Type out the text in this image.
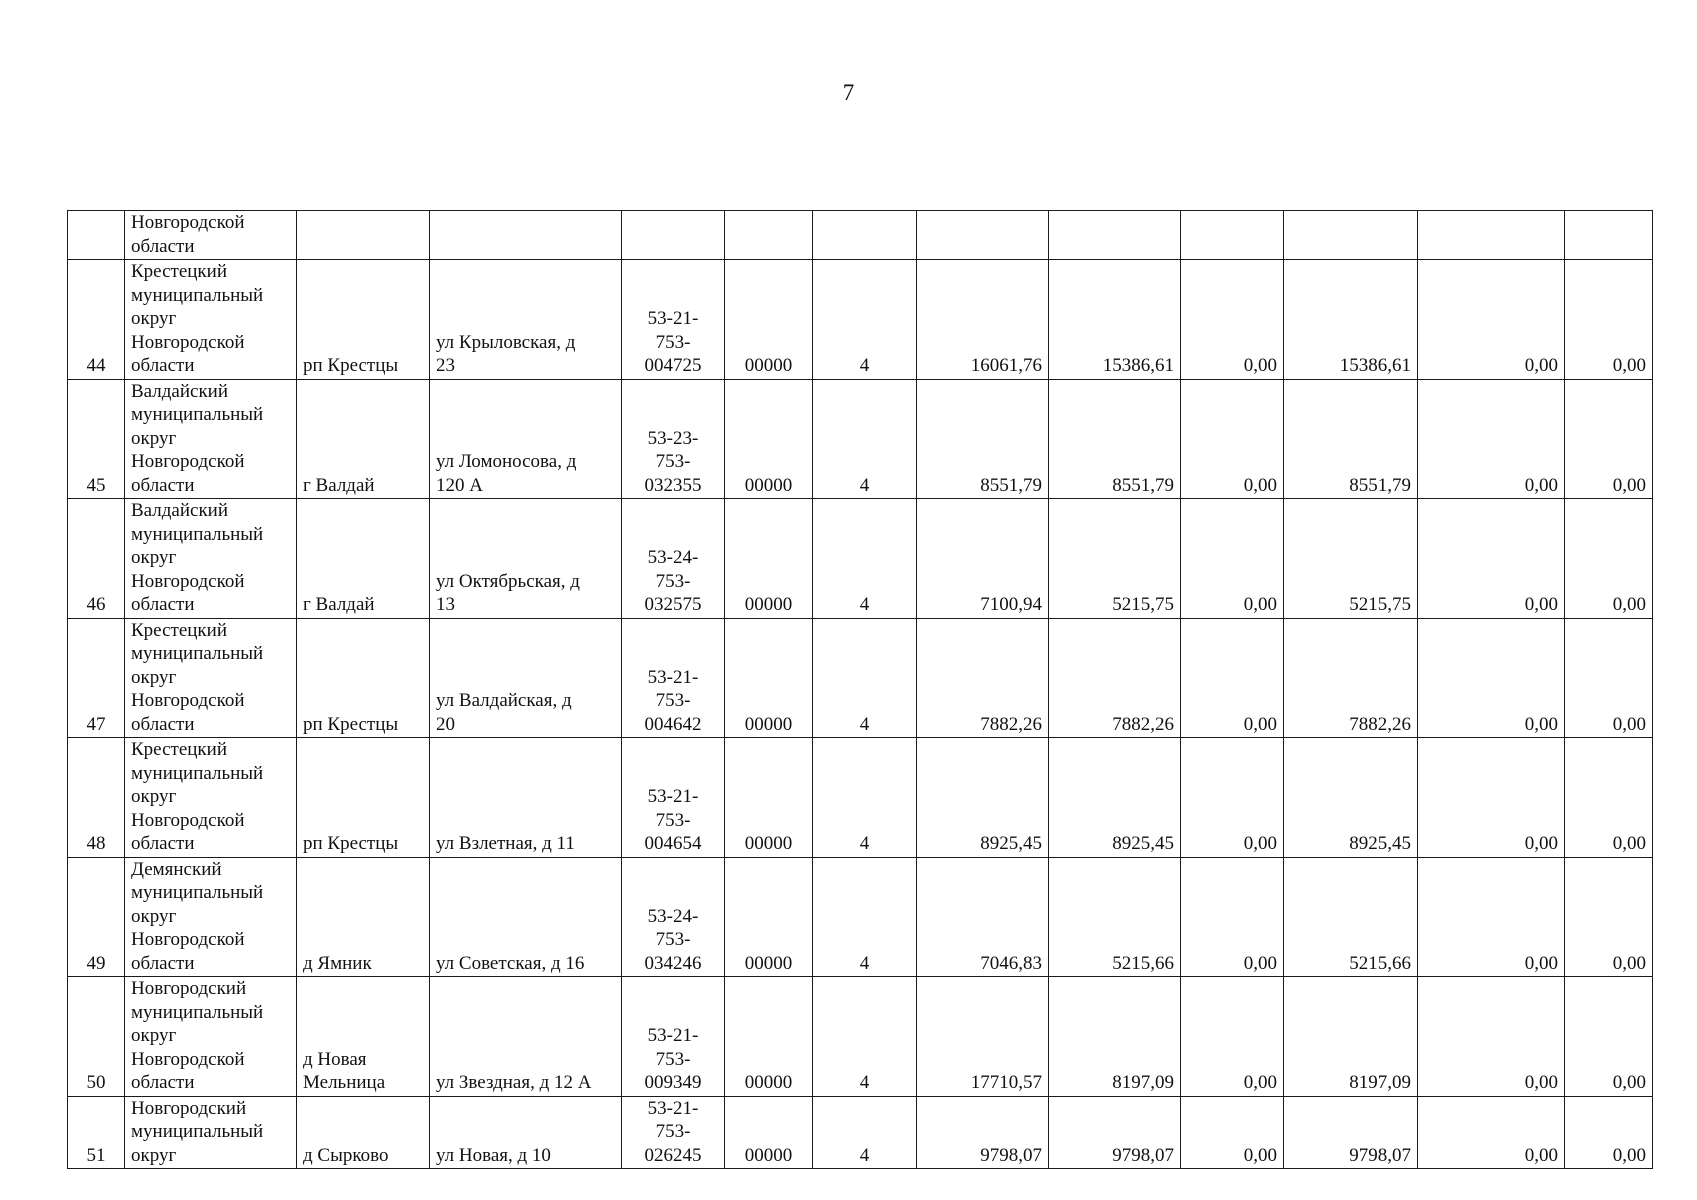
7
	Новгородской
области											
44	Крестецкий
муниципальный
округ
Новгородской
области	рп Крестцы	ул Крыловская, д
23	53-21-
753-
004725	00000	4	16061,76	15386,61	0,00	15386,61	0,00	0,00
45	Валдайский
муниципальный
округ
Новгородской
области	г Валдай	ул Ломоносова, д
120 А	53-23-
753-
032355	00000	4	8551,79	8551,79	0,00	8551,79	0,00	0,00
46	Валдайский
муниципальный
округ
Новгородской
области	г Валдай	ул Октябрьская, д
13	53-24-
753-
032575	00000	4	7100,94	5215,75	0,00	5215,75	0,00	0,00
47	Крестецкий
муниципальный
округ
Новгородской
области	рп Крестцы	ул Валдайская, д
20	53-21-
753-
004642	00000	4	7882,26	7882,26	0,00	7882,26	0,00	0,00
48	Крестецкий
муниципальный
округ
Новгородской
области	рп Крестцы	ул Взлетная, д 11	53-21-
753-
004654	00000	4	8925,45	8925,45	0,00	8925,45	0,00	0,00
49	Демянский
муниципальный
округ
Новгородской
области	д Ямник	ул Советская, д 16	53-24-
753-
034246	00000	4	7046,83	5215,66	0,00	5215,66	0,00	0,00
50	Новгородский
муниципальный
округ
Новгородской
области	д Новая
Мельница	ул Звездная, д 12 А	53-21-
753-
009349	00000	4	17710,57	8197,09	0,00	8197,09	0,00	0,00
51	Новгородский
муниципальный
округ	д Сырково	ул Новая, д 10	53-21-
753-
026245	00000	4	9798,07	9798,07	0,00	9798,07	0,00	0,00
